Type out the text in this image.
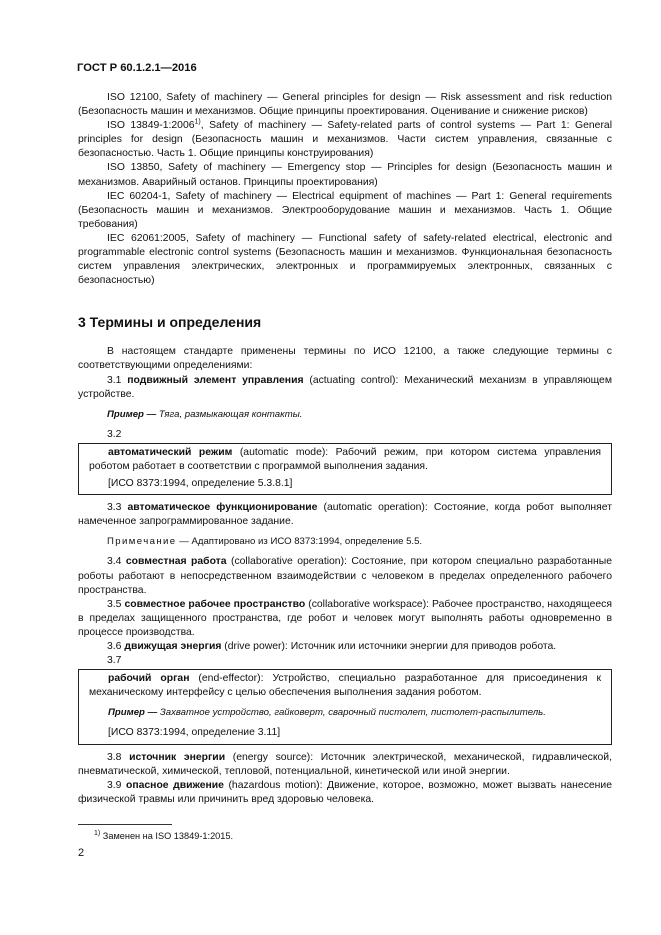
ГОСТ Р 60.1.2.1—2016

ISO 12100, Safety of machinery — General principles for design — Risk assessment and risk reduction (Безопасность машин и механизмов. Общие принципы проектирования. Оценивание и снижение рисков)

ISO 13849-1:2006$^{1)}$, Safety of machinery — Safety-related parts of control systems — Part 1: General principles for design (Безопасность машин и механизмов. Части систем управления, связанные с безопасностью. Часть 1. Общие принципы конструирования)

ISO 13850, Safety of machinery — Emergency stop — Principles for design (Безопасность машин и механизмов. Аварийный останов. Принципы проектирования)

IEC 60204-1, Safety of machinery — Electrical equipment of machines — Part 1: General requirements (Безопасность машин и механизмов. Электрооборудование машин и механизмов. Часть 1. Общие требования)

IEC 62061:2005, Safety of machinery — Functional safety of safety-related electrical, electronic and programmable electronic control systems (Безопасность машин и механизмов. Функциональная безопасность систем управления электрических, электронных и программируемых электронных, связанных с безопасностью)

3 Термины и определения

В настоящем стандарте применены термины по ИСО 12100, а также следующие термины с соответствующими определениями:

3.1 подвижный элемент управления (actuating control): Механический механизм в управляющем устройстве.

Пример — Тяга, размыкающая контакты.

3.2

автоматический режим (automatic mode): Рабочий режим, при котором система управления роботом работает в соответствии с программой выполнения задания.

[ИСО 8373:1994, определение 5.3.8.1]

3.3 автоматическое функционирование (automatic operation): Состояние, когда робот выполняет намеченное запрограммированное задание.

Примечание — Адаптировано из ИСО 8373:1994, определение 5.5.

3.4 совместная работа (collaborative operation): Состояние, при котором специально разработанные роботы работают в непосредственном взаимодействии с человеком в пределах определенного рабочего пространства.

3.5 совместное рабочее пространство (collaborative workspace): Рабочее пространство, находящееся в пределах защищенного пространства, где робот и человек могут выполнять работы одновременно в процессе производства.

3.6 движущая энергия (drive power): Источник или источники энергии для приводов робота.

3.7

рабочий орган (end-effector): Устройство, специально разработанное для присоединения к механическому интерфейсу с целью обеспечения выполнения задания роботом.

Пример — Захватное устройство, гайковерт, сварочный пистолет, пистолет-распылитель.

[ИСО 8373:1994, определение 3.11]

3.8 источник энергии (energy source): Источник электрической, механической, гидравлической, пневматической, химической, тепловой, потенциальной, кинетической или иной энергии.

3.9 опасное движение (hazardous motion): Движение, которое, возможно, может вызвать нанесение физической травмы или причинить вред здоровью человека.

$^{1)}$ Заменен на ISO 13849-1:2015.
2
